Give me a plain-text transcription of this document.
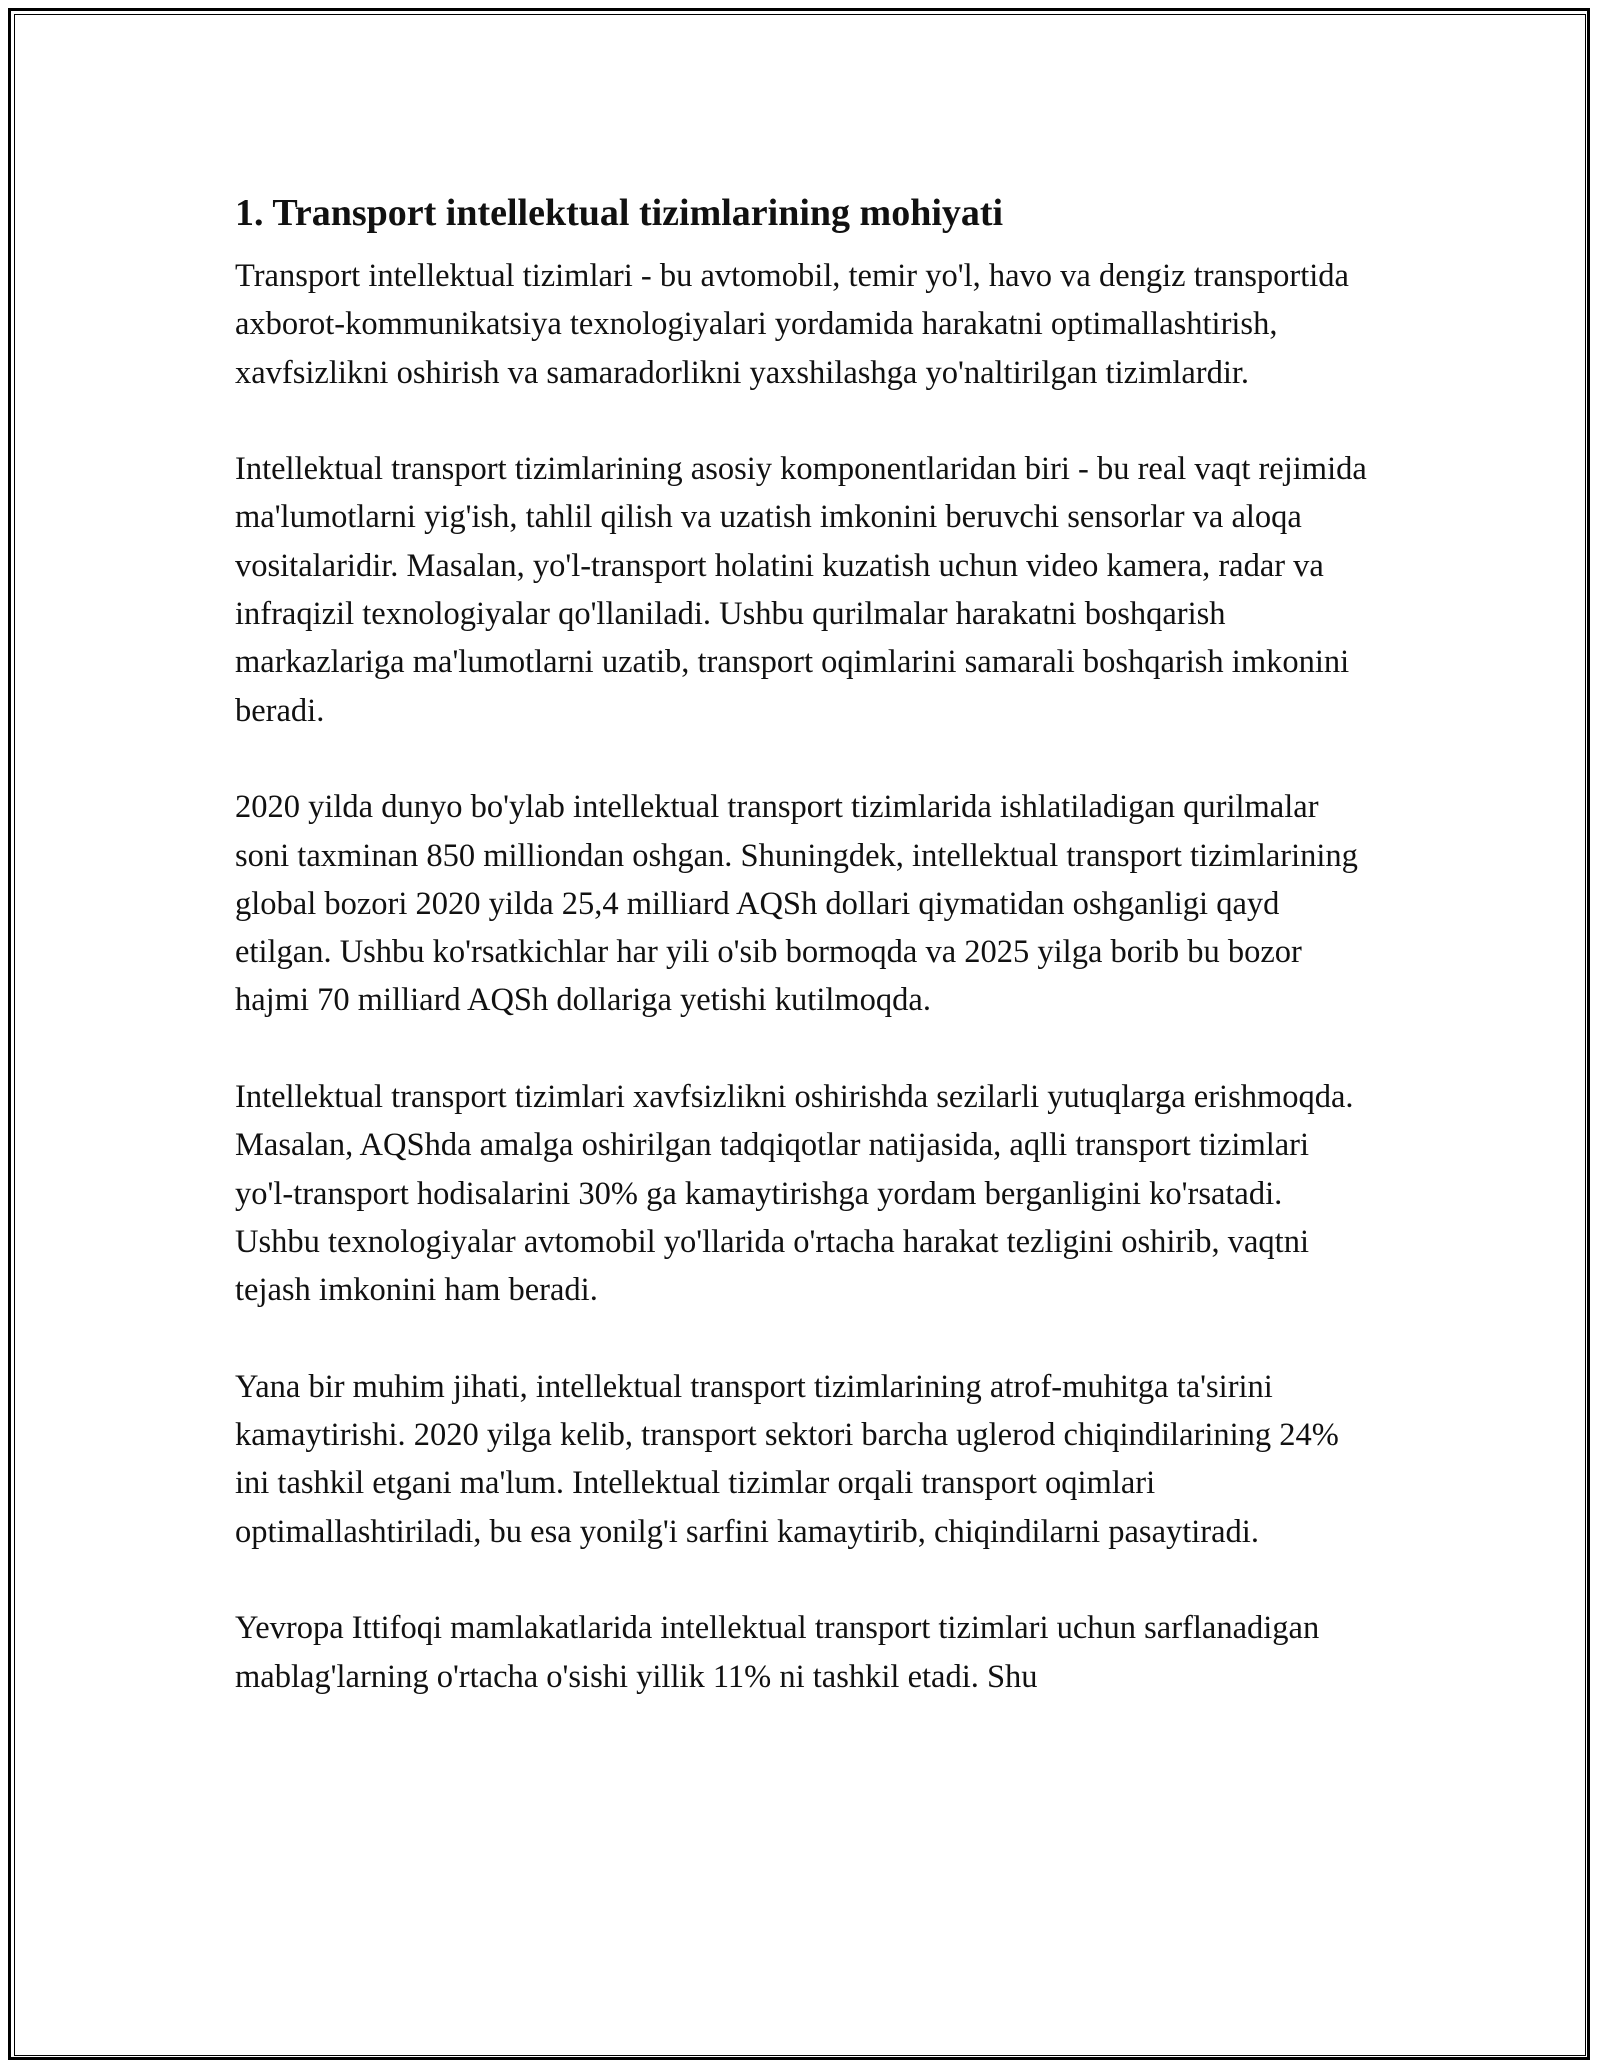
1. Transport intellektual tizimlarining mohiyati

Transport intellektual tizimlari - bu avtomobil, temir yo'l, havo va dengiz transportida axborot-kommunikatsiya texnologiyalari yordamida harakatni optimallashtirish, xavfsizlikni oshirish va samaradorlikni yaxshilashga yo'naltirilgan tizimlardir.

Intellektual transport tizimlarining asosiy komponentlaridan biri - bu real vaqt rejimida ma'lumotlarni yig'ish, tahlil qilish va uzatish imkonini beruvchi sensorlar va aloqa vositalaridir. Masalan, yo'l-transport holatini kuzatish uchun video kamera, radar va infraqizil texnologiyalar qo'llaniladi. Ushbu qurilmalar harakatni boshqarish markazlariga ma'lumotlarni uzatib, transport oqimlarini samarali boshqarish imkonini beradi.

2020 yilda dunyo bo'ylab intellektual transport tizimlarida ishlatiladigan qurilmalar soni taxminan 850 milliondan oshgan. Shuningdek, intellektual transport tizimlarining global bozori 2020 yilda 25,4 milliard AQSh dollari qiymatidan oshganligi qayd etilgan. Ushbu ko'rsatkichlar har yili o'sib bormoqda va 2025 yilga borib bu bozor hajmi 70 milliard AQSh dollariga yetishi kutilmoqda.

Intellektual transport tizimlari xavfsizlikni oshirishda sezilarli yutuqlarga erishmoqda. Masalan, AQShda amalga oshirilgan tadqiqotlar natijasida, aqlli transport tizimlari yo'l-transport hodisalarini 30% ga kamaytirishga yordam berganligini ko'rsatadi. Ushbu texnologiyalar avtomobil yo'llarida o'rtacha harakat tezligini oshirib, vaqtni tejash imkonini ham beradi.

Yana bir muhim jihati, intellektual transport tizimlarining atrof-muhitga ta'sirini kamaytirishi. 2020 yilga kelib, transport sektori barcha uglerod chiqindilarining 24% ini tashkil etgani ma'lum. Intellektual tizimlar orqali transport oqimlari optimallashtiriladi, bu esa yonilg'i sarfini kamaytirib, chiqindilarni pasaytiradi.

Yevropa Ittifoqi mamlakatlarida intellektual transport tizimlari uchun sarflanadigan mablag'larning o'rtacha o'sishi yillik 11% ni tashkil etadi. Shu
